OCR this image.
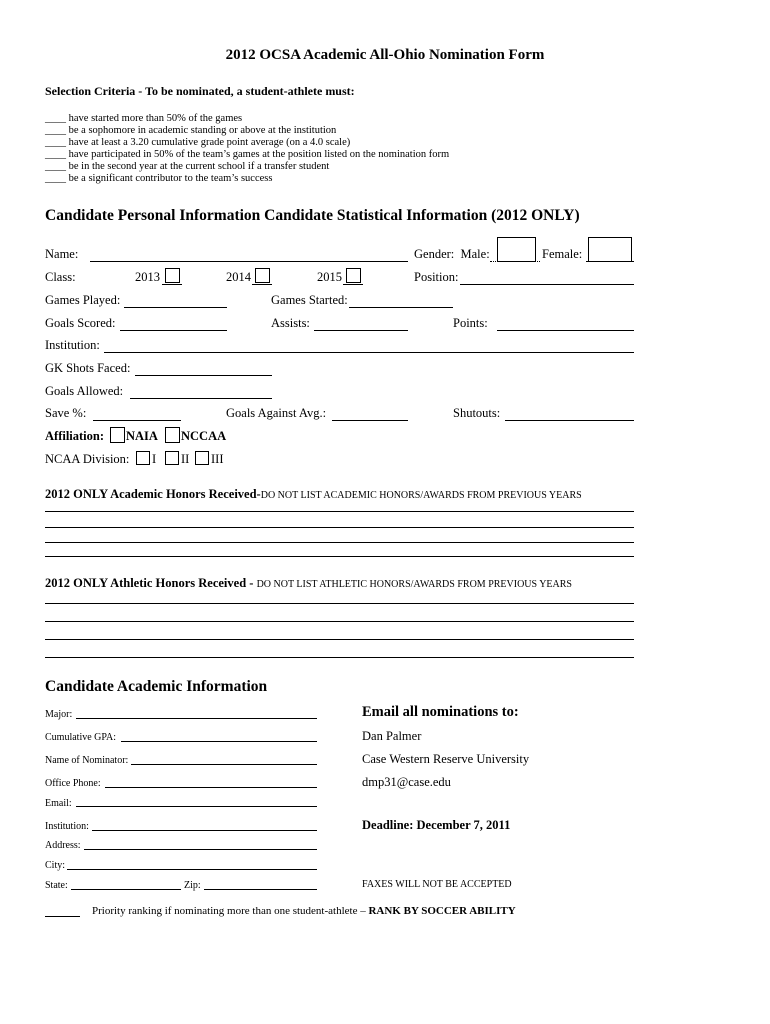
2012 OCSA Academic All-Ohio Nomination Form
Selection Criteria - To be nominated, a student-athlete must:
____ have started more than 50% of the games
____ be a sophomore in academic standing or above at the institution
____ have at least a 3.20 cumulative grade point average (on a 4.0 scale)
____ have participated in 50% of the team’s games at the position listed on the nomination form
____ be in the second year at the current school if a transfer student
____ be a significant contributor to the team’s success
Candidate Personal Information Candidate Statistical Information (2012 ONLY)
Name:	Gender: Male:	Female:
Class:	2013	2014	2015	Position:
Games Played:	Games Started:
Goals Scored:	Assists:	Points:
Institution:
GK Shots Faced:
Goals Allowed:
Save %:	Goals Against Avg.:	Shutouts:
Affiliation: NAIA NCCAA
NCAA Division: I II III
2012 ONLY Academic Honors Received-DO NOT LIST ACADEMIC HONORS/AWARDS FROM PREVIOUS YEARS
2012 ONLY Athletic Honors Received - DO NOT LIST ATHLETIC HONORS/AWARDS FROM PREVIOUS YEARS
Candidate Academic Information
Major:
Cumulative GPA:
Name of Nominator:
Office Phone:
Email:
Institution:
Address:
City:
State:	Zip:
Email all nominations to:
Dan Palmer
Case Western Reserve University
dmp31@case.edu
Deadline: December 7, 2011
FAXES WILL NOT BE ACCEPTED
Priority ranking if nominating more than one student-athlete – RANK BY SOCCER ABILITY
